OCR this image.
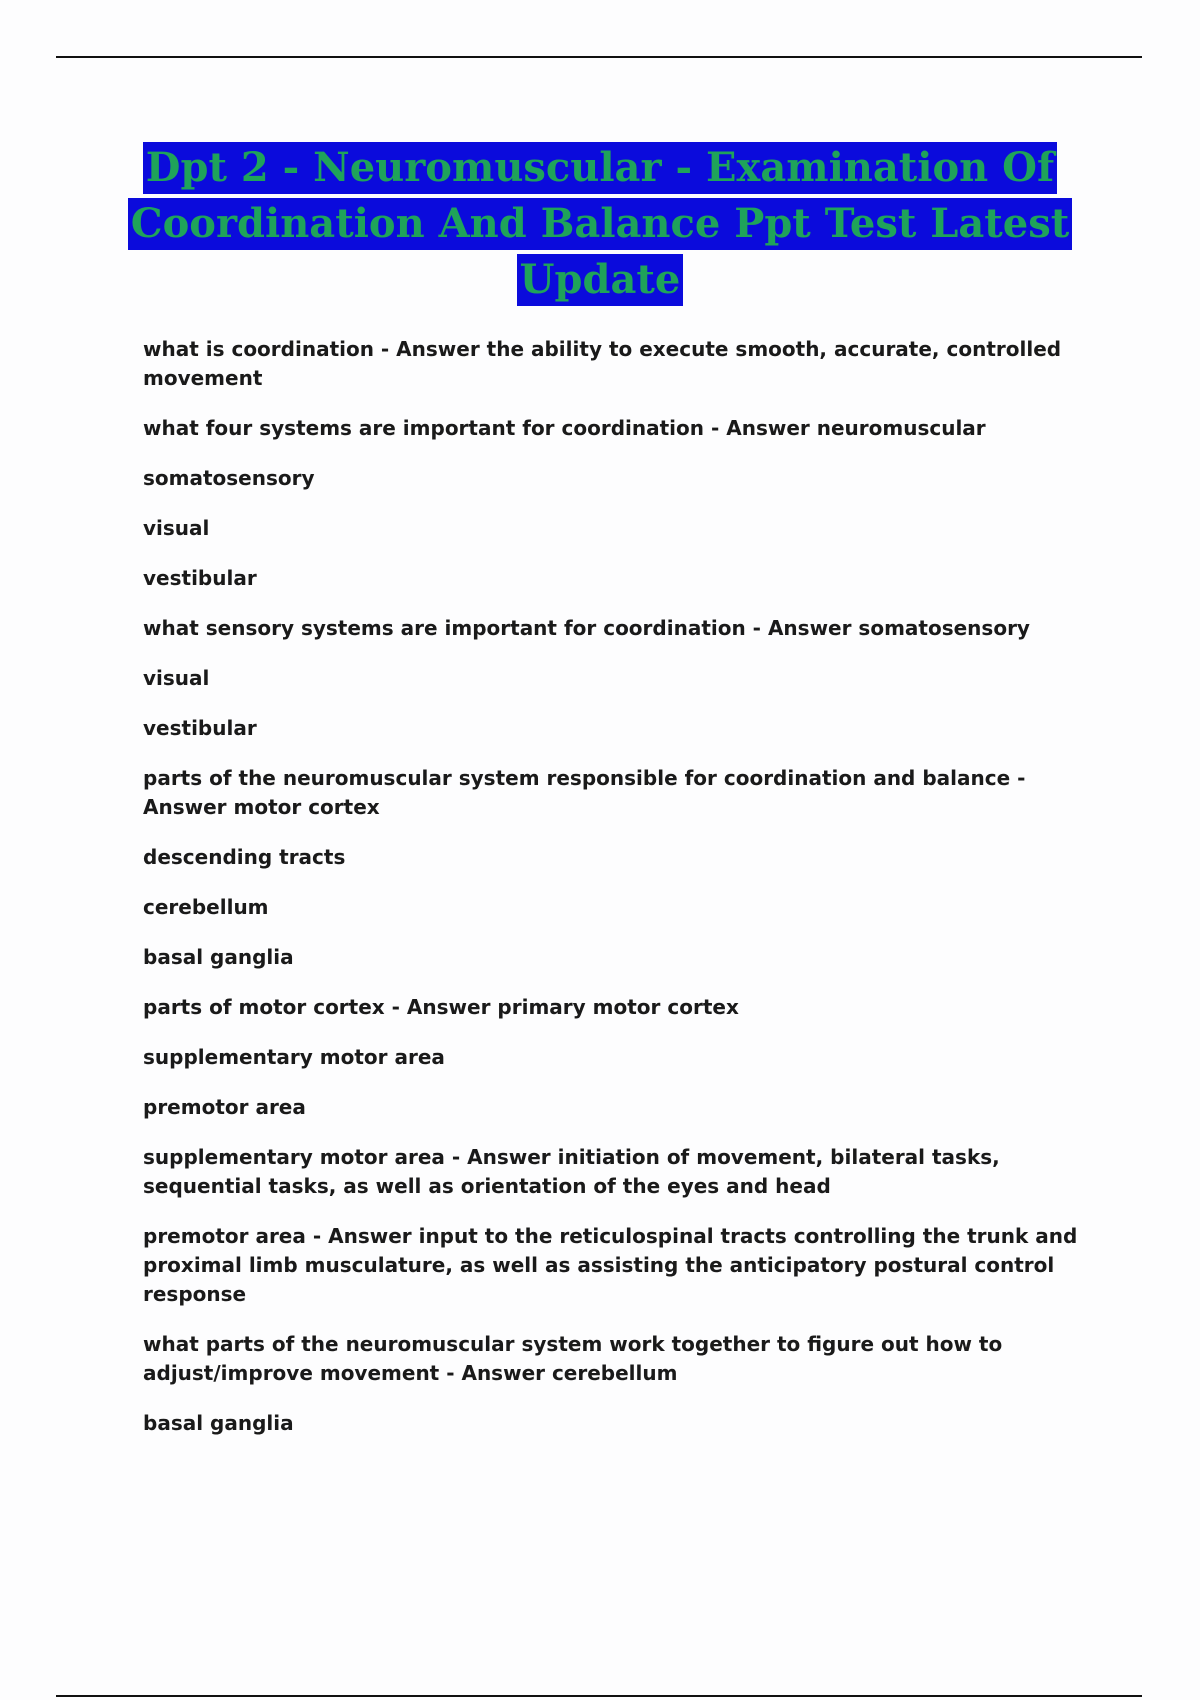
Dpt 2 - Neuromuscular - Examination Of
Coordination And Balance Ppt Test Latest
Update

what is coordination - Answer the ability to execute smooth, accurate, controlled movement

what four systems are important for coordination - Answer neuromuscular

somatosensory

visual

vestibular

what sensory systems are important for coordination - Answer somatosensory

visual

vestibular

parts of the neuromuscular system responsible for coordination and balance - Answer motor cortex

descending tracts

cerebellum

basal ganglia

parts of motor cortex - Answer primary motor cortex

supplementary motor area

premotor area

supplementary motor area - Answer initiation of movement, bilateral tasks, sequential tasks, as well as orientation of the eyes and head

premotor area - Answer input to the reticulospinal tracts controlling the trunk and proximal limb musculature, as well as assisting the anticipatory postural control response

what parts of the neuromuscular system work together to figure out how to adjust/improve movement - Answer cerebellum

basal ganglia
